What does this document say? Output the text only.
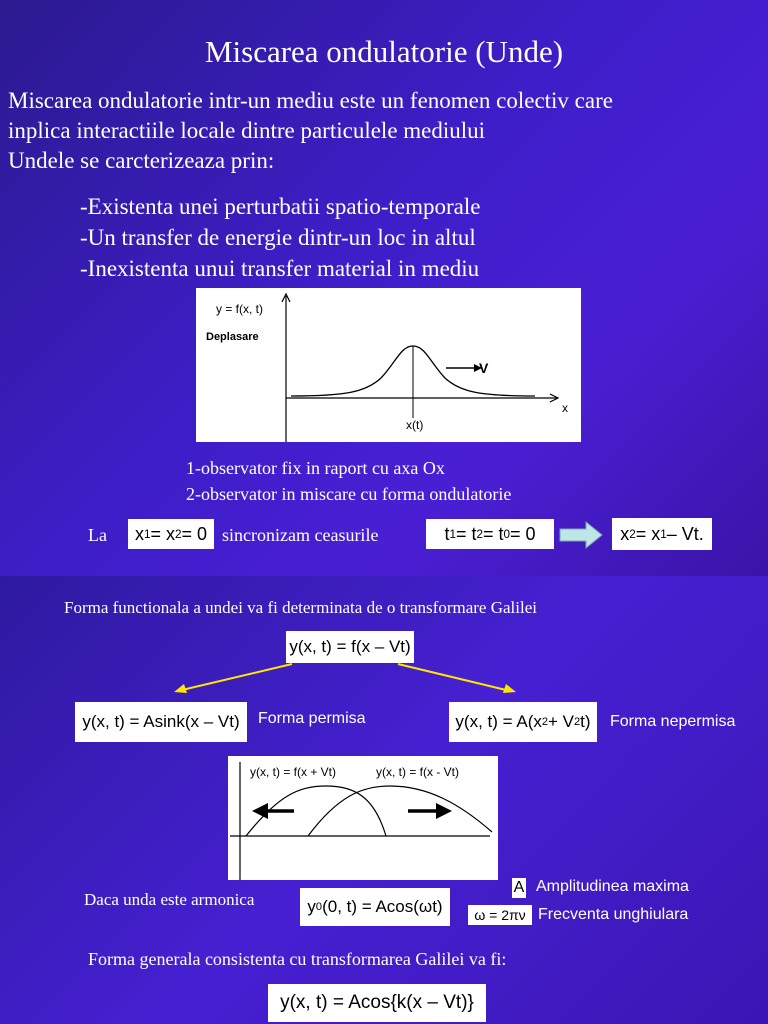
Miscarea ondulatorie (Unde)
Miscarea ondulatorie intr-un mediu este un fenomen colectiv care
inplica interactiile locale dintre particulele mediului
Undele se carcterizeaza prin:
-Existenta unei perturbatii spatio-temporale
-Un transfer de energie dintr-un loc in altul
-Inexistenta unui transfer material in mediu
y = f(x, t)
Deplasare
V
x
x(t)
1-observator fix in raport cu axa Ox
2-observator in miscare cu forma ondulatorie
La x 1 = x 2 = 0 sincronizam ceasurile	t 1 = t 2 = t 0 = 0	x 2 = x 1 – Vt.
Forma functionala a undei va fi determinata de o transformare Galilei
y(x, t) = f(x – Vt)
y(x, t) = Asink(x – Vt)	Forma permisa	y(x, t) = A(x 2 + V 2 t) Forma nepermisa
y(x, t) = f(x + Vt)	y(x, t) = f(x - Vt)
Daca unda este armonica	y 0 (0, t) = Acos(ωt)
A Amplitudinea maxima
ω = 2πν Frecventa unghiulara
Forma generala consistenta cu transformarea Galilei va fi:
y(x, t) = Acos{k(x – Vt)}
